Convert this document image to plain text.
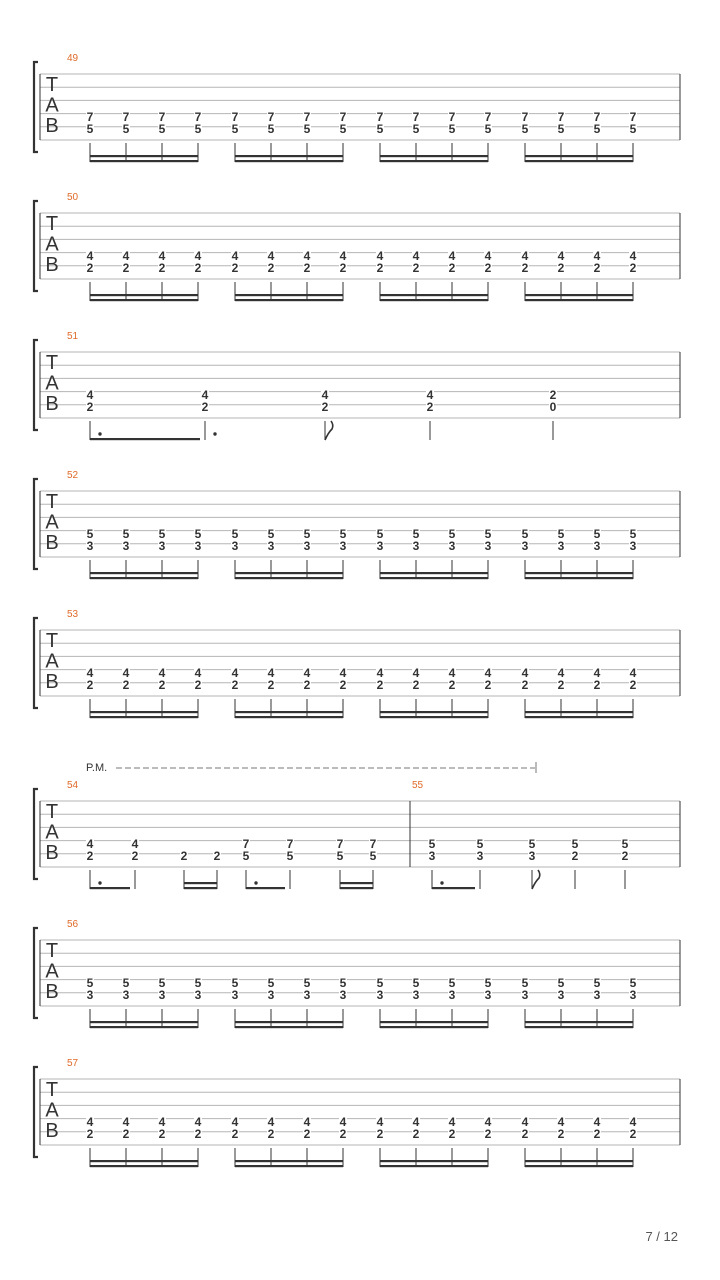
T
A
B
49
7
5
7
5
7
5
7
5
7
5
7
5
7
5
7
5
7
5
7
5
7
5
7
5
7
5
7
5
7
5
7
5
T
A
B
50
4
2
4
2
4
2
4
2
4
2
4
2
4
2
4
2
4
2
4
2
4
2
4
2
4
2
4
2
4
2
4
2
T
A
B
51
4
2
4
2
4
2
4
2
2
0
T
A
B
52
5
3
5
3
5
3
5
3
5
3
5
3
5
3
5
3
5
3
5
3
5
3
5
3
5
3
5
3
5
3
5
3
T
A
B
53
4
2
4
2
4
2
4
2
4
2
4
2
4
2
4
2
4
2
4
2
4
2
4
2
4
2
4
2
4
2
4
2
T
A
B
P.M.
54
4
2
4
2	2 2
7
5
7
5
7
5
7
5
55
5
3
5
3
5
3
5
2
5
2
T
A
B
56
5
3
5
3
5
3
5
3
5
3
5
3
5
3
5
3
5
3
5
3
5
3
5
3
5
3
5
3
5
3
5
3
T
A
B
57
4
2
4
2
4
2
4
2
4
2
4
2
4
2
4
2
4
2
4
2
4
2
4
2
4
2
4
2
4
2
4
2
7 / 12
